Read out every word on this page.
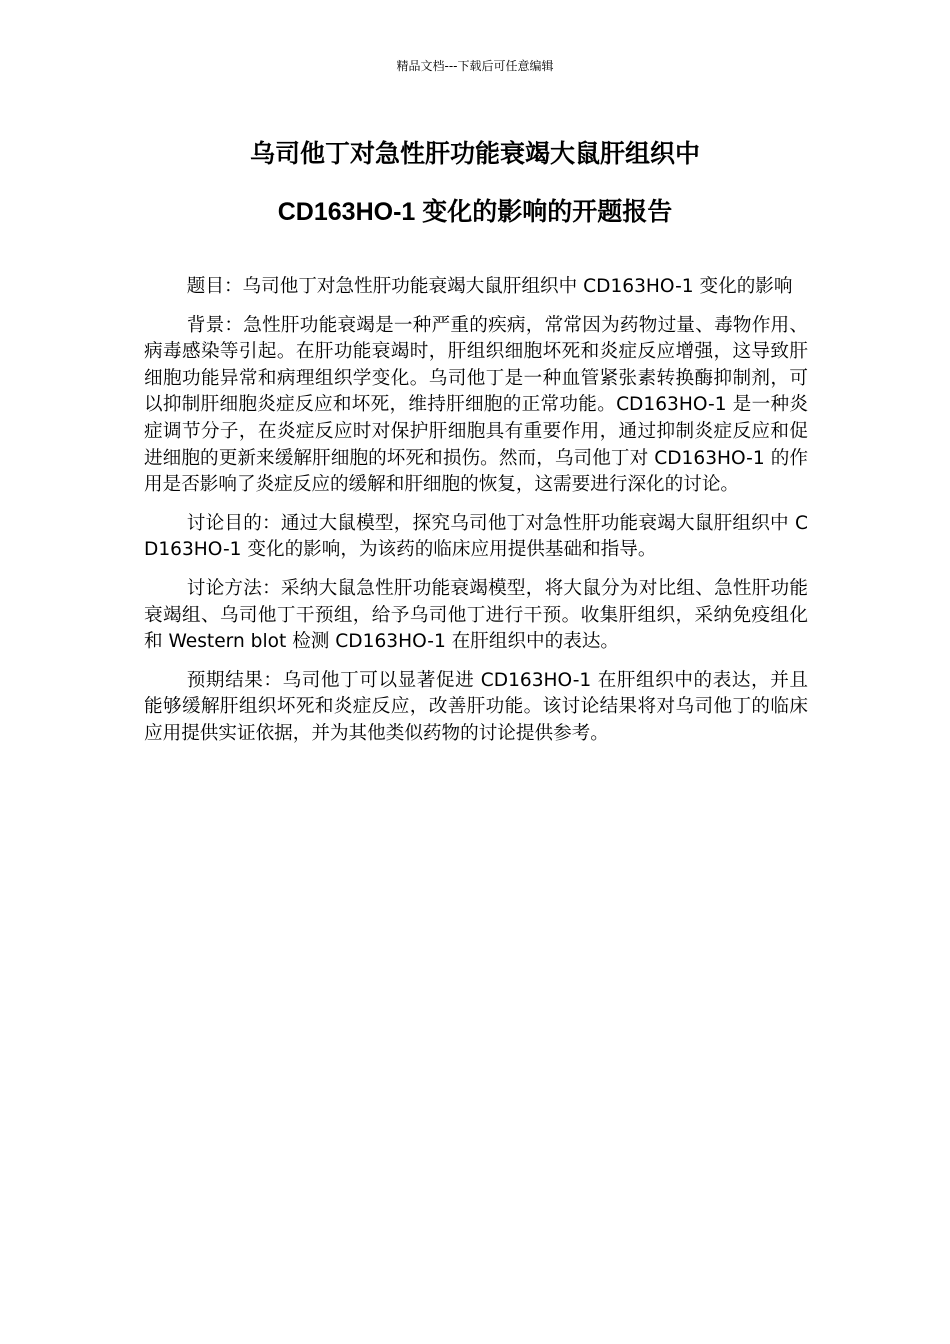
精品文档---下载后可任意编辑
乌司他丁对急性肝功能衰竭大鼠肝组织中
CD163HO-1 变化的影响的开题报告

题目：乌司他丁对急性肝功能衰竭大鼠肝组织中 CD163HO-1 变化的影响

背景：急性肝功能衰竭是一种严重的疾病，常常因为药物过量、毒物作用、病毒感染等引起。在肝功能衰竭时，肝组织细胞坏死和炎症反应增强，这导致肝细胞功能异常和病理组织学变化。乌司他丁是一种血管紧张素转换酶抑制剂，可以抑制肝细胞炎症反应和坏死，维持肝细胞的正常功能。CD163HO-1 是一种炎症调节分子，在炎症反应时对保护肝细胞具有重要作用，通过抑制炎症反应和促进细胞的更新来缓解肝细胞的坏死和损伤。然而，乌司他丁对 CD163HO-1 的作用是否影响了炎症反应的缓解和肝细胞的恢复，这需要进行深化的讨论。

讨论目的：通过大鼠模型，探究乌司他丁对急性肝功能衰竭大鼠肝组织中 CD163HO-1 变化的影响，为该药的临床应用提供基础和指导。

讨论方法：采纳大鼠急性肝功能衰竭模型，将大鼠分为对比组、急性肝功能衰竭组、乌司他丁干预组，给予乌司他丁进行干预。收集肝组织，采纳免疫组化和 Western blot 检测 CD163HO-1 在肝组织中的表达。

预期结果：乌司他丁可以显著促进 CD163HO-1 在肝组织中的表达，并且能够缓解肝组织坏死和炎症反应，改善肝功能。该讨论结果将对乌司他丁的临床应用提供实证依据，并为其他类似药物的讨论提供参考。
